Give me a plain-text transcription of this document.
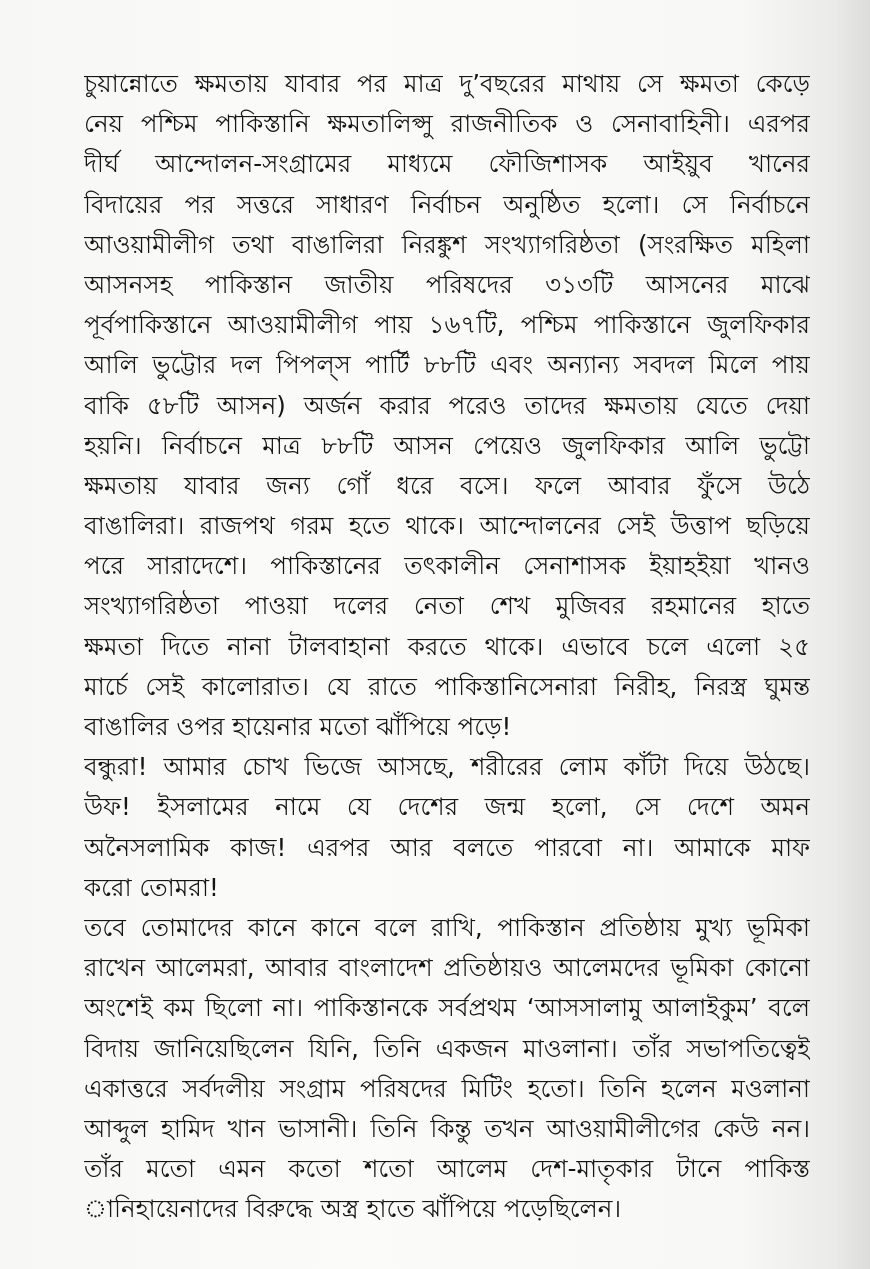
চুয়ান্নোতে ক্ষমতায় যাবার পর মাত্র দু’বছরের মাথায় সে ক্ষমতা কেড়ে
নেয় পশ্চিম পাকিস্তানি ক্ষমতালিপ্সু রাজনীতিক ও সেনাবাহিনী। এরপর
দীর্ঘ আন্দোলন-সংগ্রামের মাধ্যমে ফৌজিশাসক আইয়ুব খানের
বিদায়ের পর সত্তরে সাধারণ নির্বাচন অনুষ্ঠিত হলো। সে নির্বাচনে
আওয়ামীলীগ তথা বাঙালিরা নিরঙ্কুশ সংখ্যাগরিষ্ঠতা (সংরক্ষিত মহিলা
আসনসহ পাকিস্তান জাতীয় পরিষদের ৩১৩টি আসনের মাঝে
পূর্বপাকিস্তানে আওয়ামীলীগ পায় ১৬৭টি, পশ্চিম পাকিস্তানে জুলফিকার
আলি ভুট্টোর দল পিপল্‌স পার্টি ৮৮টি এবং অন্যান্য সবদল মিলে পায়
বাকি ৫৮টি আসন) অর্জন করার পরেও তাদের ক্ষমতায় যেতে দেয়া
হয়নি। নির্বাচনে মাত্র ৮৮টি আসন পেয়েও জুলফিকার আলি ভুট্টো
ক্ষমতায় যাবার জন্য গোঁ ধরে বসে। ফলে আবার ফুঁসে উঠে
বাঙালিরা। রাজপথ গরম হতে থাকে। আন্দোলনের সেই উত্তাপ ছড়িয়ে
পরে সারাদেশে। পাকিস্তানের তৎকালীন সেনাশাসক ইয়াহইয়া খানও
সংখ্যাগরিষ্ঠতা পাওয়া দলের নেতা শেখ মুজিবর রহমানের হাতে
ক্ষমতা দিতে নানা টালবাহানা করতে থাকে। এভাবে চলে এলো ২৫
মার্চে সেই কালোরাত। যে রাতে পাকিস্তানিসেনারা নিরীহ, নিরস্ত্র ঘুমন্ত
বাঙালির ওপর হায়েনার মতো ঝাঁপিয়ে পড়ে!
বন্ধুরা! আমার চোখ ভিজে আসছে, শরীরের লোম কাঁটা দিয়ে উঠছে।
উফ! ইসলামের নামে যে দেশের জন্ম হলো, সে দেশে অমন
অনৈসলামিক কাজ! এরপর আর বলতে পারবো না। আমাকে মাফ
করো তোমরা!
তবে তোমাদের কানে কানে বলে রাখি, পাকিস্তান প্রতিষ্ঠায় মুখ্য ভূমিকা
রাখেন আলেমরা, আবার বাংলাদেশ প্রতিষ্ঠায়ও আলেমদের ভূমিকা কোনো
অংশেই কম ছিলো না। পাকিস্তানকে সর্বপ্রথম ‘আসসালামু আলাইকুম’ বলে
বিদায় জানিয়েছিলেন যিনি, তিনি একজন মাওলানা। তাঁর সভাপতিত্বেই
একাত্তরে সর্বদলীয় সংগ্রাম পরিষদের মিটিং হতো। তিনি হলেন মওলানা
আব্দুল হামিদ খান ভাসানী। তিনি কিন্তু তখন আওয়ামীলীগের কেউ নন।
তাঁর মতো এমন কতো শতো আলেম দেশ-মাতৃকার টানে পাকিস্ত
ানিহায়েনাদের বিরুদ্ধে অস্ত্র হাতে ঝাঁপিয়ে পড়েছিলেন।
